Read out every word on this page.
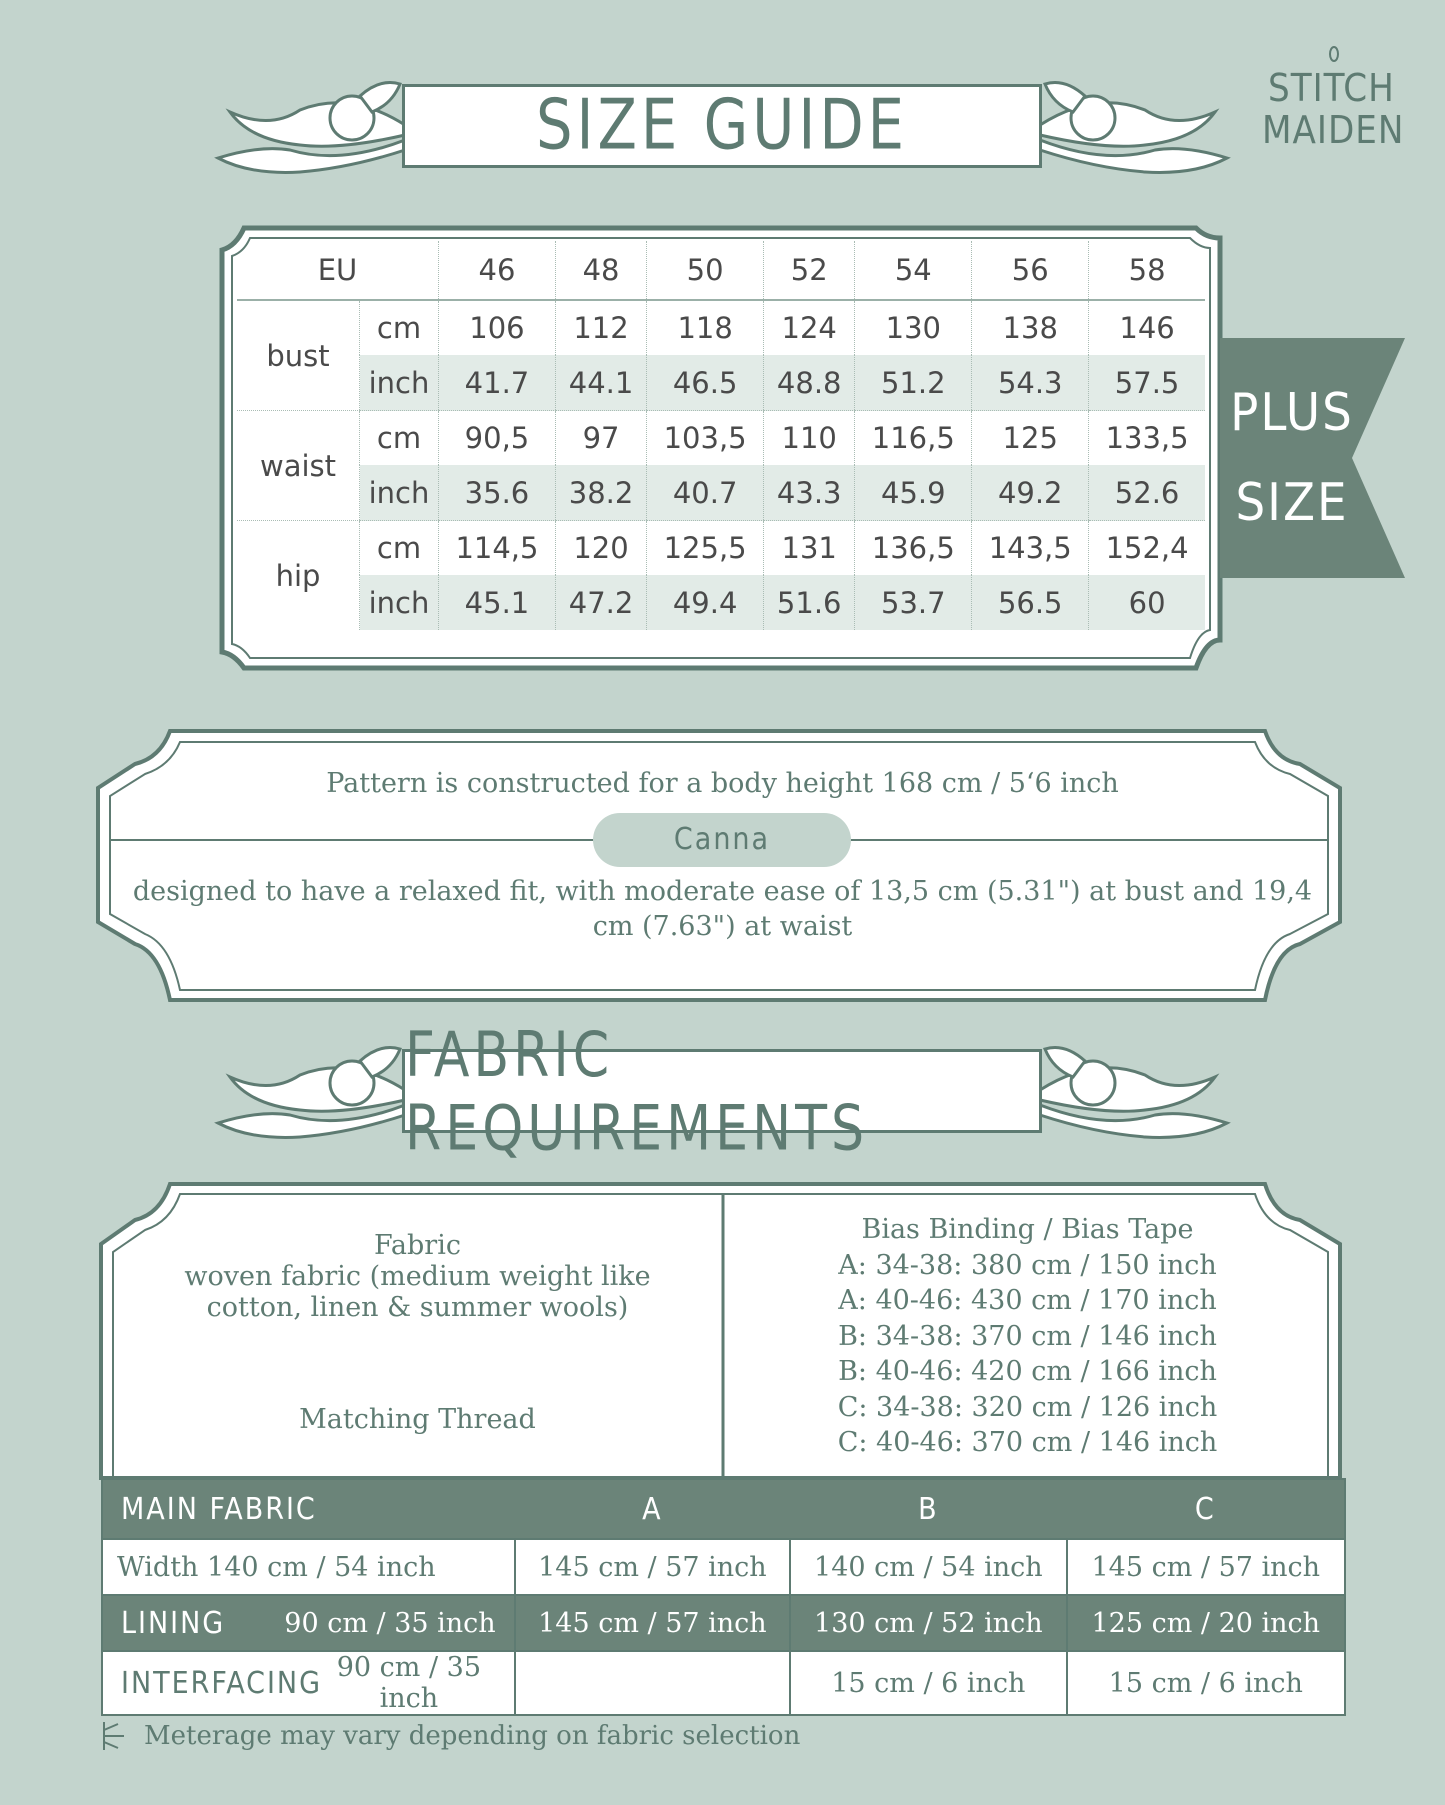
STITCH
MAIDEN
SIZE GUIDE
EU		46	48	50	52	54	56	58
bust	cm	106	112	118	124	130	138	146
	inch	41.7	44.1	46.5	48.8	51.2	54.3	57.5
waist	cm	90,5	97	103,5	110	116,5	125	133,5
	inch	35.6	38.2	40.7	43.3	45.9	49.2	52.6
hip	cm	114,5	120	125,5	131	136,5	143,5	152,4
	inch	45.1	47.2	49.4	51.6	53.7	56.5	60
PLUS
SIZE
Pattern is constructed for a body height 168 cm / 5‘6 inch
Canna
designed to have a relaxed fit, with moderate ease of 13,5 cm (5.31") at bust and 19,4
cm (7.63") at waist
FABRIC REQUIREMENTS
Fabric
woven fabric (medium weight like
cotton, linen & summer wools)
Matching Thread
Bias Binding / Bias Tape
A: 34-38: 380 cm / 150 inch
A: 40-46: 430 cm / 170 inch
B: 34-38: 370 cm / 146 inch
B: 40-46: 420 cm / 166 inch
C: 34-38: 320 cm / 126 inch
C: 40-46: 370 cm / 146 inch
MAIN FABRIC	A	B	C
Width 140 cm / 54 inch	145 cm / 57 inch	140 cm / 54 inch	145 cm / 57 inch

LINING 90 cm / 35 inch	145 cm / 57 inch	130 cm / 52 inch	125 cm / 20 inch

INTERFACING 90 cm / 35 inch		15 cm / 6 inch	15 cm / 6 inch
Meterage may vary depending on fabric selection
